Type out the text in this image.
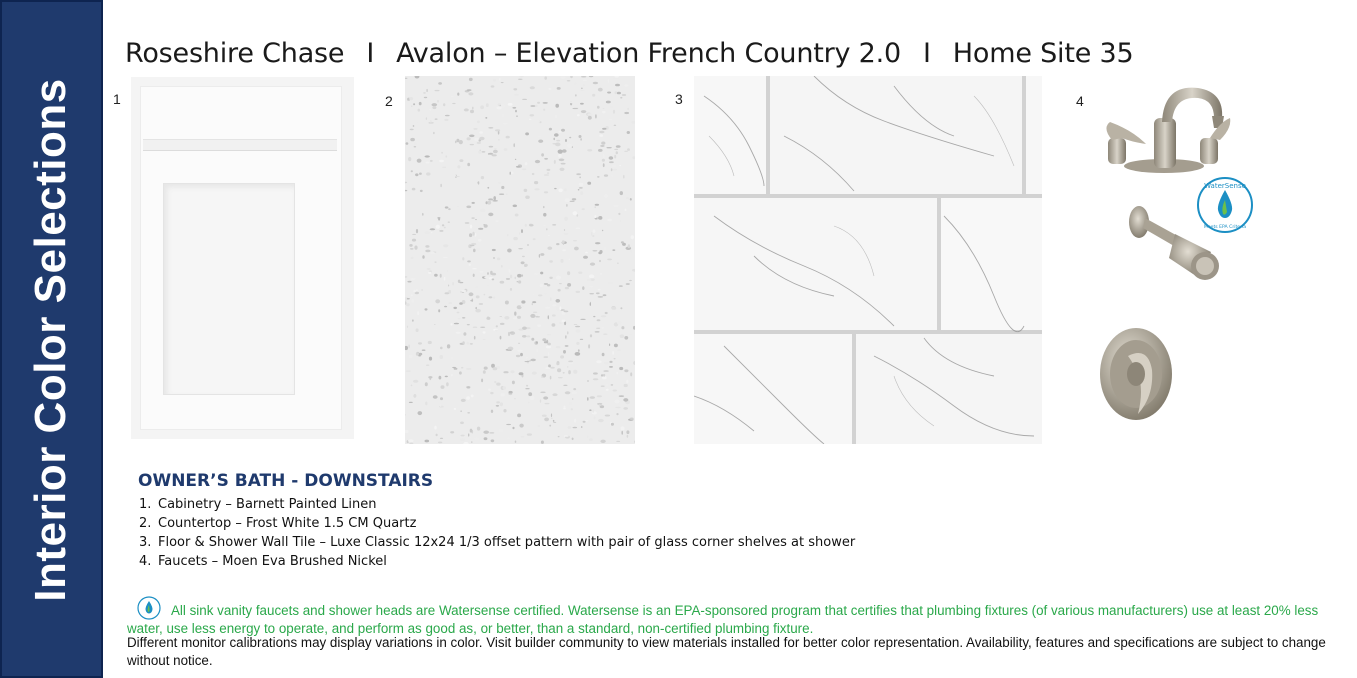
Interior Color Selections
Roseshire Chase I Avalon – Elevation French Country 2.0 I Home Site 35
1	2	3	4
WaterSense
Meets EPA Criteria
OWNER’S BATH - DOWNSTAIRS
1. Cabinetry – Barnett Painted Linen
2. Countertop – Frost White 1.5 CM Quartz
3. Floor & Shower Wall Tile – Luxe Classic 12x24 1/3 offset pattern with pair of glass corner shelves at shower
4. Faucets – Moen Eva Brushed Nickel
All sink vanity faucets and shower heads are Watersense certified. Watersense is an EPA-sponsored program that certifies that plumbing fixtures (of various manufacturers) use at least 20% less water, use less energy to operate, and perform as good as, or better, than a standard, non-certified plumbing fixture.
Different monitor calibrations may display variations in color. Visit builder community to view materials installed for better color representation. Availability, features and specifications are subject to change without notice.
